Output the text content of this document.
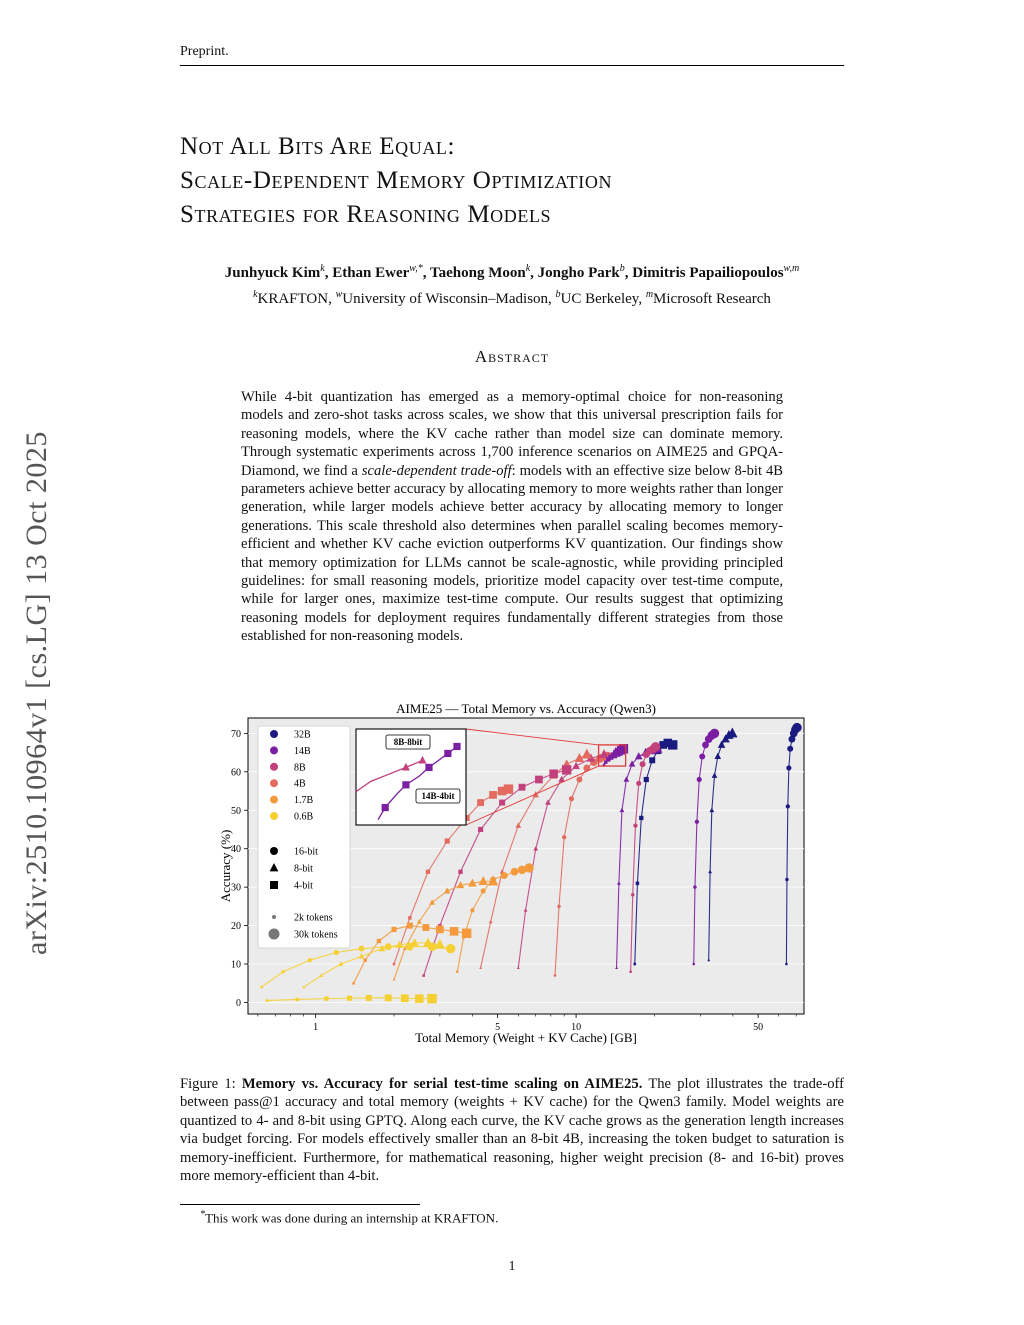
Preprint.
arXiv:2510.10964v1 [cs.LG] 13 Oct 2025
Not All Bits Are Equal:
Scale-Dependent Memory Optimization
Strategies for Reasoning Models
Junhyuck Kim$^k$, Ethan Ewer$^{w,*}$, Taehong Moon$^k$, Jongho Park$^b$, Dimitris Papailiopoulos$^{w,m}$
$^k$KRAFTON, $^w$University of Wisconsin–Madison, $^b$UC Berkeley, $^m$Microsoft Research
Abstract
While 4-bit quantization has emerged as a memory-optimal choice for non-reasoning models and zero-shot tasks across scales, we show that this universal prescription fails for reasoning models, where the KV cache rather than model size can dominate memory. Through systematic experiments across 1,700 inference scenarios on AIME25 and GPQA-Diamond, we find a scale-dependent trade-off: models with an effective size below 8-bit 4B parameters achieve better accuracy by allocating memory to more weights rather than longer generation, while larger models achieve better accuracy by allocating memory to longer generations. This scale threshold also determines when parallel scaling becomes memory-efficient and whether KV cache eviction outperforms KV quantization. Our findings show that memory optimization for LLMs cannot be scale-agnostic, while providing principled guidelines: for small reasoning models, prioritize model capacity over test-time compute, while for larger ones, maximize test-time compute. Our results suggest that optimizing reasoning models for deployment requires fundamentally different strategies from those established for non-reasoning models.
AIME25 — Total Memory vs. Accuracy (Qwen3)
Total Memory (Weight + KV Cache) [GB]
Accuracy (%)
0
10
20
30
40
50
60
70
1	5	10	50
32B
14B
8B
4B
1.7B
0.6B
16-bit
8-bit
4-bit
2k tokens
30k tokens
8B-8bit
14B-4bit
Figure 1: Memory vs. Accuracy for serial test-time scaling on AIME25. The plot illustrates the trade-off between pass@1 accuracy and total memory (weights + KV cache) for the Qwen3 family. Model weights are quantized to 4- and 8-bit using GPTQ. Along each curve, the KV cache grows as the generation length increases via budget forcing. For models effectively smaller than an 8-bit 4B, increasing the token budget to saturation is memory-inefficient. Furthermore, for mathematical reasoning, higher weight precision (8- and 16-bit) proves more memory-efficient than 4-bit.
*This work was done during an internship at KRAFTON.
1
